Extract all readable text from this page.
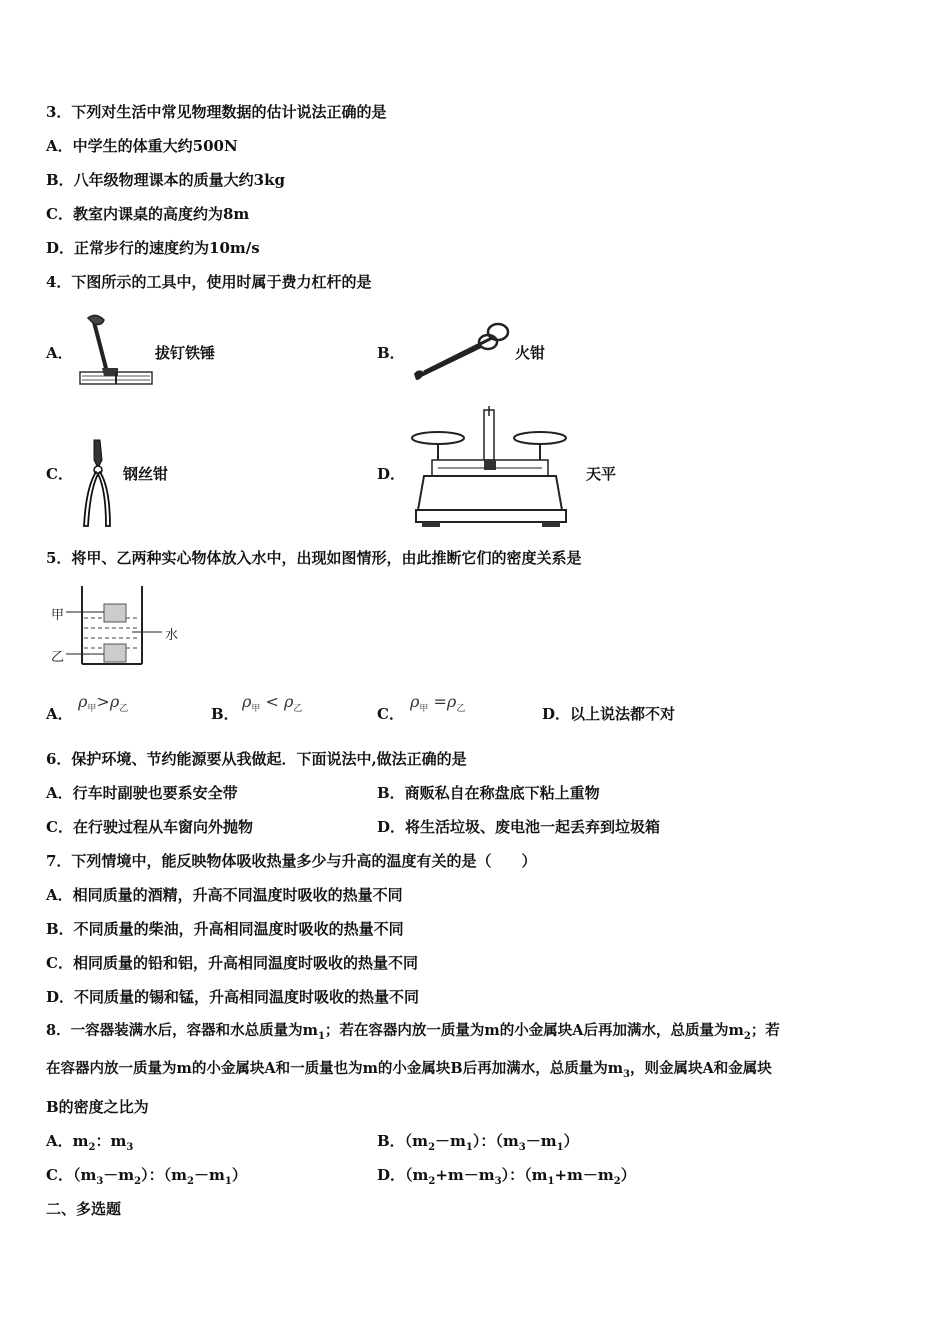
3．下列对生活中常见物理数据的估计说法正确的是
A．中学生的体重大约500N
B．八年级物理课本的质量大约3kg
C．教室内课桌的高度约为8m
D．正常步行的速度约为10m/s
4．下图所示的工具中，使用时属于费力杠杆的是
A．	拔钉铁锤	B．	火钳
C．	钢丝钳	D．	天平
5．将甲、乙两种实心物体放入水中，出现如图情形，由此推断它们的密度关系是
甲
乙
水
A．
$\rho_甲>\rho_乙$	B．
$\rho_甲 < \rho_乙$	C．
$\rho_甲 =\rho_乙$	D．以上说法都不对
6．保护环境、节约能源要从我做起．下面说法中,做法正确的是
A．行车时副驶也要系安全带	B．商贩私自在称盘底下粘上重物
C．在行驶过程从车窗向外抛物	D．将生活垃圾、废电池一起丢弃到垃圾箱
7．下列情境中，能反映物体吸收热量多少与升高的温度有关的是（　　）
A．相同质量的酒精，升高不同温度时吸收的热量不同
B．不同质量的柴油，升高相同温度时吸收的热量不同
C．相同质量的铅和铝，升高相同温度时吸收的热量不同
D．不同质量的锡和锰，升高相同温度时吸收的热量不同
8．一容器装满水后，容器和水总质量为$m_1$；若在容器内放一质量为m的小金属块A后再加满水，总质量为$m_2$；若
在容器内放一质量为m的小金属块A和一质量也为m的小金属块B后再加满水，总质量为$m_3$，则金属块A和金属块
B的密度之比为
A．$m_2$：$m_3$	B．$(m_2-m_1)$：$(m_3-m_1)$
C．$(m_3-m_2)$：$(m_2-m_1)$	D．$(m_2+m-m_3)$：$(m_1+m-m_2)$
二、多选题
